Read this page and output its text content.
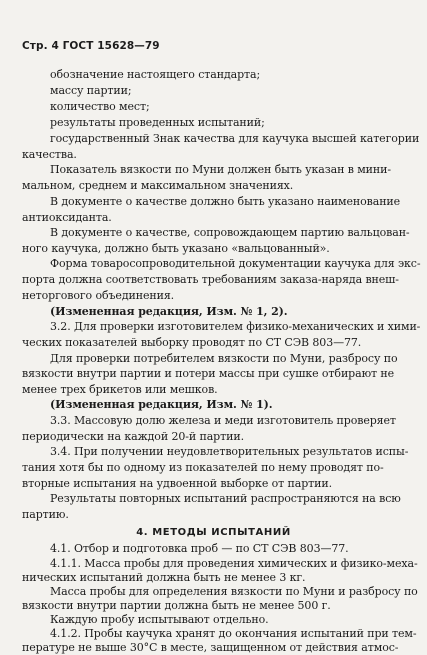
Стр. 4 ГОСТ 15628—79
обозначение настоящего стандарта;
массу партии;
количество мест;
результаты проведенных испытаний;
государственный Знак качества для каучука высшей категории
качества.
Показатель вязкости по Муни должен быть указан в мини-
мальном, среднем и максимальном значениях.
В документе о качестве должно быть указано наименование
антиоксиданта.
В документе о качестве, сопровождающем партию вальцован-
ного каучука, должно быть указано «вальцованный».
Форма товаросопроводительной документации каучука для экс-
порта должна соответствовать требованиям заказа-наряда внеш-
неторгового объединения.
(Измененная редакция, Изм. № 1, 2).
3.2. Для проверки изготовителем физико-механических и хими-
ческих показателей выборку проводят по СТ СЭВ 803—77.
Для проверки потребителем вязкости по Муни, разбросу по
вязкости внутри партии и потери массы при сушке отбирают не
менее трех брикетов или мешков.
(Измененная редакция, Изм. № 1).
3.3. Массовую долю железа и меди изготовитель проверяет
периодически на каждой 20-й партии.
3.4. При получении неудовлетворительных результатов испы-
тания хотя бы по одному из показателей по нему проводят по-
вторные испытания на удвоенной выборке от партии.
Результаты повторных испытаний распространяются на всю
партию.
4. МЕТОДЫ ИСПЫТАНИЙ
4.1. Отбор и подготовка проб — по СТ СЭВ 803—77.
4.1.1. Масса пробы для проведения химических и физико-меха-
нических испытаний должна быть не менее 3 кг.
Масса пробы для определения вязкости по Муни и разбросу по
вязкости внутри партии должна быть не менее 500 г.
Каждую пробу испытывают отдельно.
4.1.2. Пробы каучука хранят до окончания испытаний при тем-
пературе не выше 30°С в месте, защищенном от действия атмос-
